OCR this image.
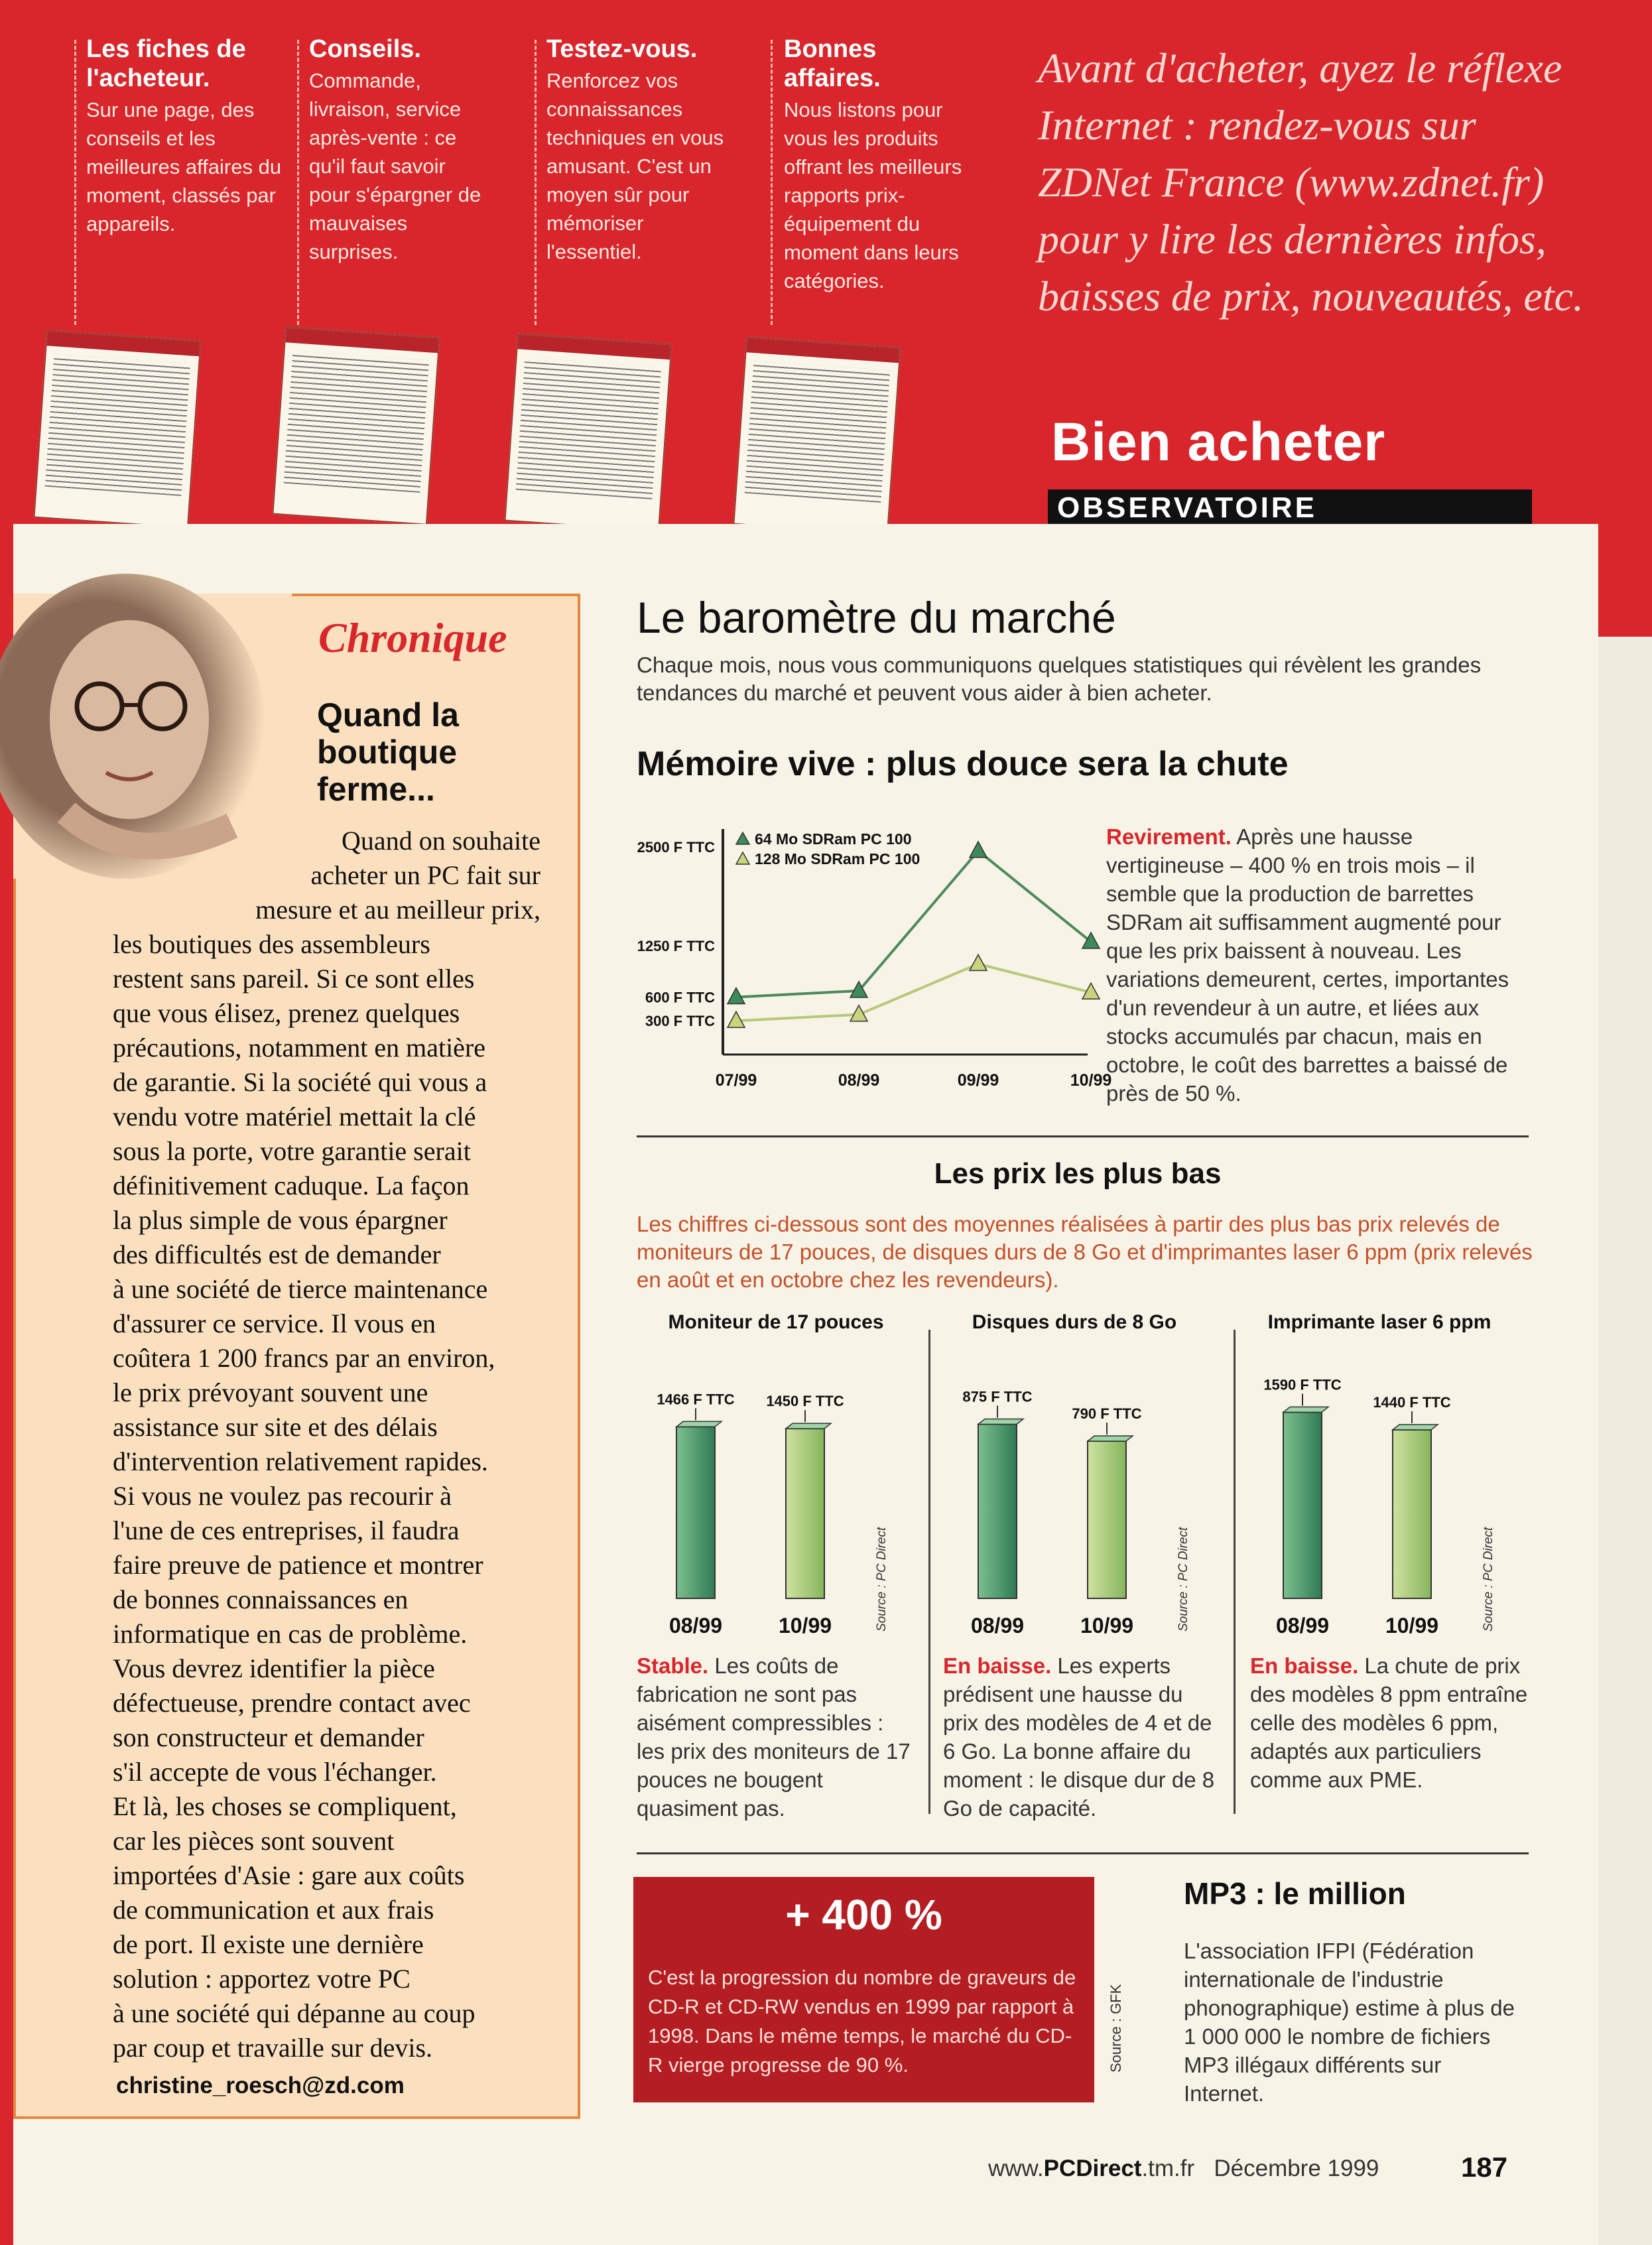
Les fiches de l'acheteur.

Sur une page, des conseils et les meilleures affaires du moment, classés par appareils.

Conseils.

Commande, livraison, service après-vente : ce qu'il faut savoir pour s'épargner de mauvaises surprises.

Testez-vous.

Renforcez vos connaissances techniques en vous amusant. C'est un moyen sûr pour mémoriser l'essentiel.

Bonnes affaires.

Nous listons pour vous les produits offrant les meilleurs rapports prix-équipement du moment dans leurs catégories.

Avant d'acheter, ayez le réflexe
Internet : rendez-vous sur
ZDNet France (www.zdnet.fr)
pour y lire les dernières infos,
baisses de prix, nouveautés, etc.
Bien acheter
OBSERVATOIRE
Chronique
Quand la boutique ferme...
Quand on souhaite
acheter un PC fait sur
mesure et au meilleur prix,
les boutiques des assembleurs
restent sans pareil. Si ce sont elles
que vous élisez, prenez quelques
précautions, notamment en matière
de garantie. Si la société qui vous a
vendu votre matériel mettait la clé
sous la porte, votre garantie serait
définitivement caduque. La façon
la plus simple de vous épargner
des difficultés est de demander
à une société de tierce maintenance
d'assurer ce service. Il vous en
coûtera 1 200 francs par an environ,
le prix prévoyant souvent une
assistance sur site et des délais
d'intervention relativement rapides.
Si vous ne voulez pas recourir à
l'une de ces entreprises, il faudra
faire preuve de patience et montrer
de bonnes connaissances en
informatique en cas de problème.
Vous devrez identifier la pièce
défectueuse, prendre contact avec
son constructeur et demander
s'il accepte de vous l'échanger.
Et là, les choses se compliquent,
car les pièces sont souvent
importées d'Asie : gare aux coûts
de communication et aux frais
de port. Il existe une dernière
solution : apportez votre PC
à une société qui dépanne au coup
par coup et travaille sur devis.
christine_roesch@zd.com
Le baromètre du marché
Chaque mois, nous vous communiquons quelques statistiques qui révèlent les grandes tendances du marché et peuvent vous aider à bien acheter.
Mémoire vive : plus douce sera la chute
2500 F TTC
1250 F TTC
600 F TTC
300 F TTC
07/99	08/99	09/99	10/99
64 Mo SDRam PC 100
128 Mo SDRam PC 100
Revirement. Après une hausse vertigineuse – 400 % en trois mois – il semble que la production de barrettes SDRam ait suffisamment augmenté pour que les prix baissent à nouveau. Les variations demeurent, certes, importantes d'un revendeur à un autre, et liées aux stocks accumulés par chacun, mais en octobre, le coût des barrettes a baissé de près de 50 %.
Les prix les plus bas
Les chiffres ci-dessous sont des moyennes réalisées à partir des plus bas prix relevés de moniteurs de 17 pouces, de disques durs de 8 Go et d'imprimantes laser 6 ppm (prix relevés en août et en octobre chez les revendeurs).
Moniteur de 17 pouces	Disques durs de 8 Go	Imprimante laser 6 ppm
1466 F TTC
08/99
1450 F TTC
10/99	Source : PC Direct
875 F TTC
08/99
790 F TTC
10/99	Source : PC Direct
1590 F TTC
08/99
1440 F TTC
10/99	Source : PC Direct
Stable. Les coûts de fabrication ne sont pas aisément compressibles : les prix des moniteurs de 17 pouces ne bougent quasiment pas.
En baisse. Les experts prédisent une hausse du prix des modèles de 4 et de 6 Go. La bonne affaire du moment : le disque dur de 8 Go de capacité.
En baisse. La chute de prix des modèles 8 ppm entraîne celle des modèles 6 ppm, adaptés aux particuliers comme aux PME.
+ 400 %
C'est la progression du nombre de graveurs de CD-R et CD-RW vendus en 1999 par rapport à 1998. Dans le même temps, le marché du CD-R vierge progresse de 90 %.	Source : GFK
MP3 : le million
L'association IFPI (Fédération internationale de l'industrie phonographique) estime à plus de 1 000 000 le nombre de fichiers MP3 illégaux différents sur Internet.
www.PCDirect.tm.fr Décembre 1999	187
